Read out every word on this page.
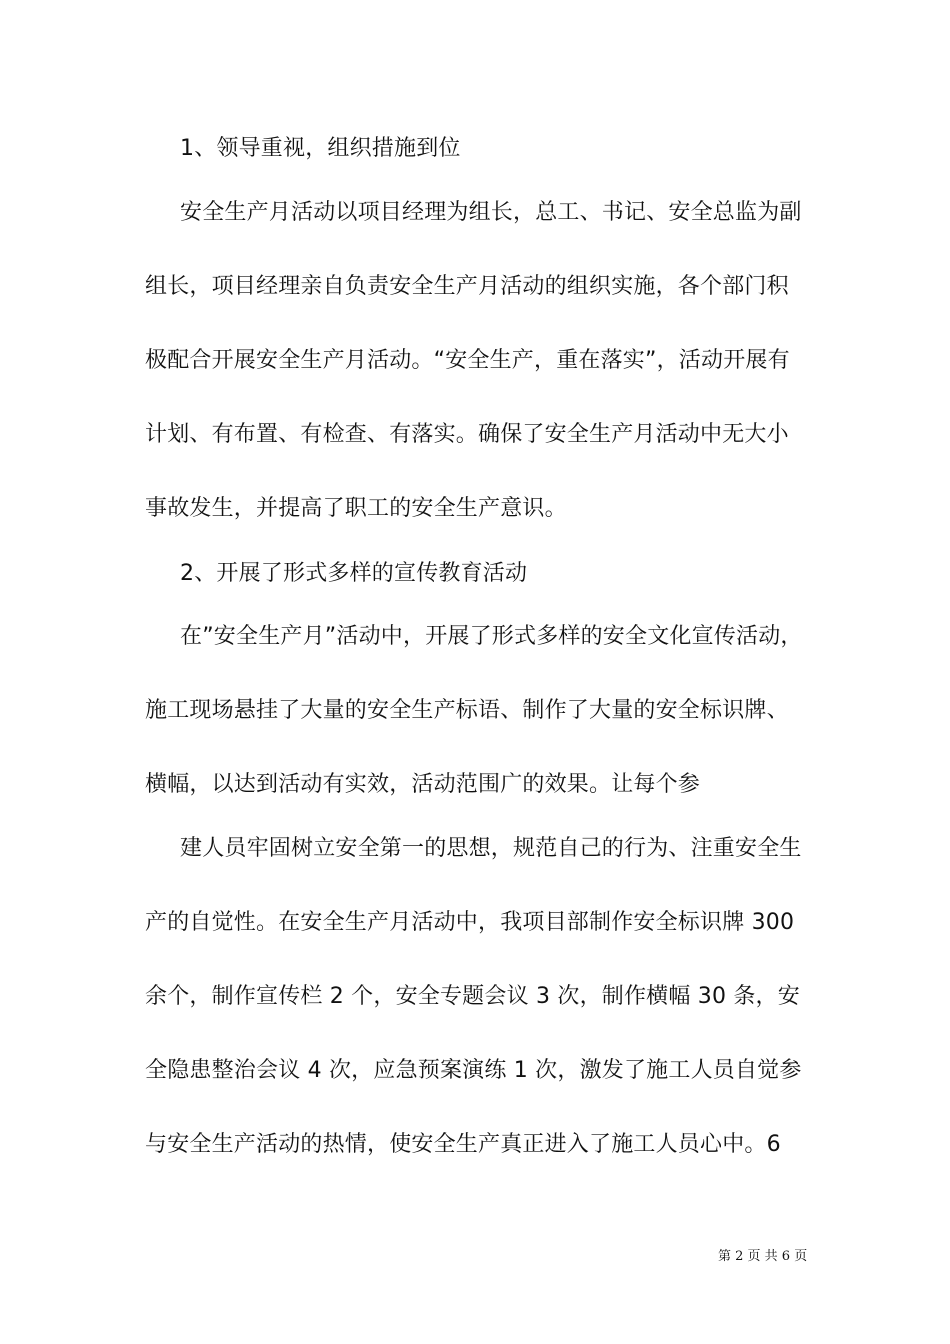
1、领导重视，组织措施到位
安全生产月活动以项目经理为组长，总工、书记、安全总监为副
组长，项目经理亲自负责安全生产月活动的组织实施，各个部门积
极配合开展安全生产月活动。“安全生产，重在落实”，活动开展有
计划、有布置、有检查、有落实。确保了安全生产月活动中无大小
事故发生，并提高了职工的安全生产意识。
2、开展了形式多样的宣传教育活动
在”安全生产月”活动中，开展了形式多样的安全文化宣传活动，
施工现场悬挂了大量的安全生产标语、制作了大量的安全标识牌、
横幅，以达到活动有实效，活动范围广的效果。让每个参
建人员牢固树立安全第一的思想，规范自己的行为、注重安全生
产的自觉性。在安全生产月活动中，我项目部制作安全标识牌 300
余个，制作宣传栏 2 个，安全专题会议 3 次，制作横幅 30 条，安
全隐患整治会议 4 次，应急预案演练 1 次，激发了施工人员自觉参
与安全生产活动的热情，使安全生产真正进入了施工人员心中。6
第 2 页 共 6 页
